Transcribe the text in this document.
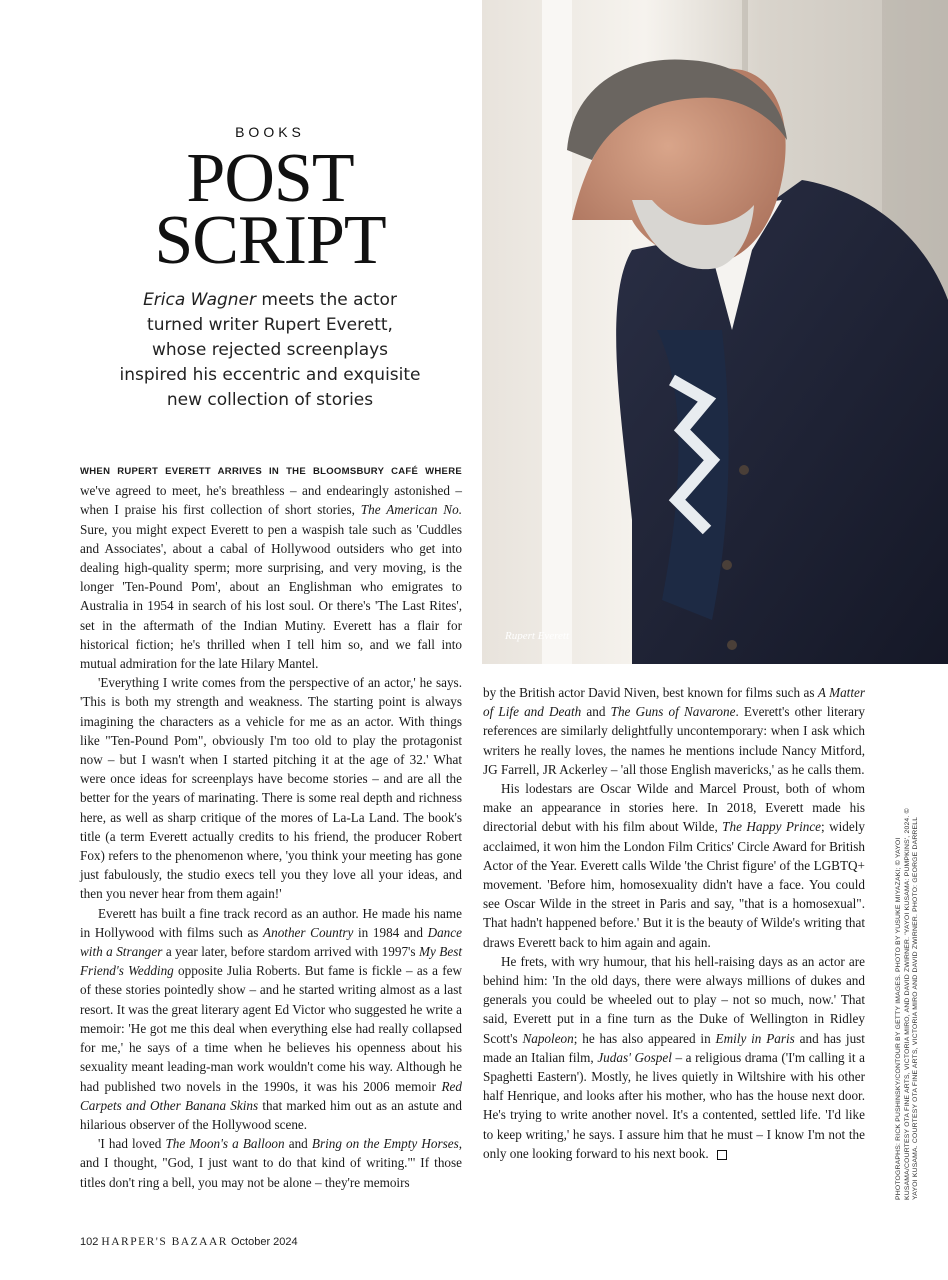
BOOKS
POST
SCRIPT
Erica Wagner meets the actor
turned writer Rupert Everett,
whose rejected screenplays
inspired his eccentric and exquisite
new collection of stories
Rupert Everett

WHEN RUPERT EVERETT ARRIVES IN THE BLOOMSBURY CAFÉ WHERE we've agreed to meet, he's breathless – and endearingly astonished – when I praise his first collection of short stories, The American No. Sure, you might expect Everett to pen a waspish tale such as 'Cuddles and Associates', about a cabal of Hollywood outsiders who get into dealing high-quality sperm; more surprising, and very moving, is the longer 'Ten-Pound Pom', about an Englishman who emigrates to Australia in 1954 in search of his lost soul. Or there's 'The Last Rites', set in the aftermath of the Indian Mutiny. Everett has a flair for historical fiction; he's thrilled when I tell him so, and we fall into mutual admiration for the late Hilary Mantel.

'Everything I write comes from the perspective of an actor,' he says. 'This is both my strength and weakness. The starting point is always imagining the characters as a vehicle for me as an actor. With things like "Ten-Pound Pom", obviously I'm too old to play the protagonist now – but I wasn't when I started pitching it at the age of 32.' What were once ideas for screenplays have become stories – and are all the better for the years of marinating. There is some real depth and richness here, as well as sharp critique of the mores of La-La Land. The book's title (a term Everett actually credits to his friend, the producer Robert Fox) refers to the phenomenon where, 'you think your meeting has gone just fabulously, the studio execs tell you they love all your ideas, and then you never hear from them again!'

Everett has built a fine track record as an author. He made his name in Hollywood with films such as Another Country in 1984 and Dance with a Stranger a year later, before stardom arrived with 1997's My Best Friend's Wedding opposite Julia Roberts. But fame is fickle – as a few of these stories pointedly show – and he started writing almost as a last resort. It was the great literary agent Ed Victor who suggested he write a memoir: 'He got me this deal when everything else had really collapsed for me,' he says of a time when he believes his openness about his sexuality meant leading-man work wouldn't come his way. Although he had published two novels in the 1990s, it was his 2006 memoir Red Carpets and Other Banana Skins that marked him out as an astute and hilarious observer of the Hollywood scene.

'I had loved The Moon's a Balloon and Bring on the Empty Horses, and I thought, "God, I just want to do that kind of writing."' If those titles don't ring a bell, you may not be alone – they're memoirs

by the British actor David Niven, best known for films such as A Matter of Life and Death and The Guns of Navarone. Everett's other literary references are similarly delightfully uncontemporary: when I ask which writers he really loves, the names he mentions include Nancy Mitford, JG Farrell, JR Ackerley – 'all those English mavericks,' as he calls them.

His lodestars are Oscar Wilde and Marcel Proust, both of whom make an appearance in stories here. In 2018, Everett made his directorial debut with his film about Wilde, The Happy Prince; widely acclaimed, it won him the London Film Critics' Circle Award for British Actor of the Year. Everett calls Wilde 'the Christ figure' of the LGBTQ+ movement. 'Before him, homosexuality didn't have a face. You could see Oscar Wilde in the street in Paris and say, "that is a homosexual". That hadn't happened before.' But it is the beauty of Wilde's writing that draws Everett back to him again and again.

He frets, with wry humour, that his hell-raising days as an actor are behind him: 'In the old days, there were always millions of dukes and generals you could be wheeled out to play – not so much, now.' That said, Everett put in a fine turn as the Duke of Wellington in Ridley Scott's Napoleon; he has also appeared in Emily in Paris and has just made an Italian film, Judas' Gospel – a religious drama ('I'm calling it a Spaghetti Eastern'). Mostly, he lives quietly in Wiltshire with his other half Henrique, and looks after his mother, who has the house next door. He's trying to write another novel. It's a contented, settled life. 'I'd like to keep writing,' he says. I assure him that he must – I know I'm not the only one looking forward to his next book.	PHOTOGRAPHS: RICK PUSHINSKY/CONTOUR BY GETTY IMAGES. PHOTO BY YUSUKE MIYAZAKI; © YAYOI KUSAMA/COURTESY OTA FINE ARTS, VICTORIA MIRO, AND DAVID ZWIRNER. 'YAYOI KUSAMA: PUMPKINS', 2024. © YAYOI KUSAMA. COURTESY OTA FINE ARTS, VICTORIA MIRO AND DAVID ZWIRNER. PHOTO: GEORGE DARRELL
102 HARPER'S BAZAAR October 2024
